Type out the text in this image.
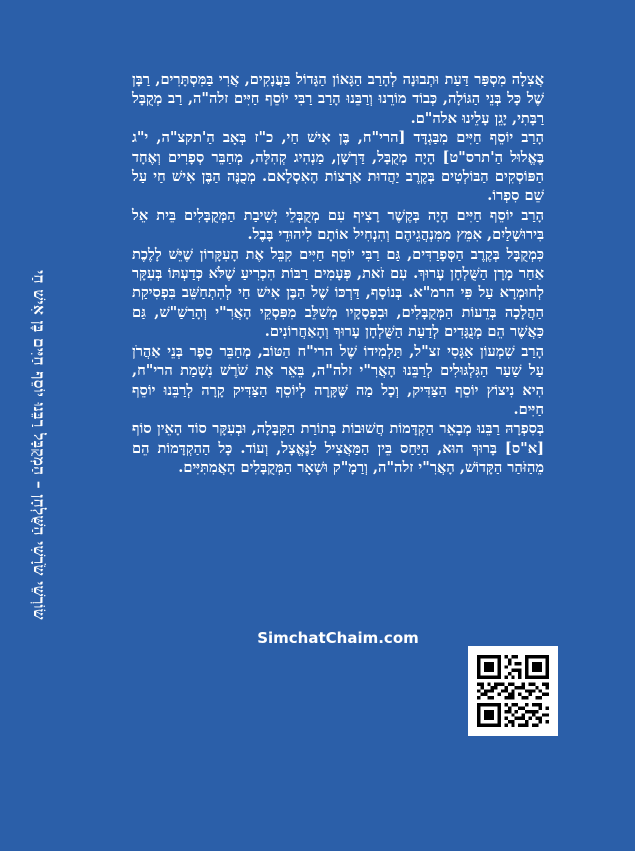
שׂוֹרְשֵׁי שֹׂרָשִׁי הַשֻּׁלְחָן – הַמְקֻבָּל רַבֵּנוּ יוֹסֵף חַיִּים בֶּן אִישׁ חַי

אֲצִלָה מִסְפַּר דַּעַת וּתְבוּנָה לְהָרַב הַגָּאוֹן הַגָּדוֹל בַּעֲנָקִים, אֲרִי בַּמִּסְתָּרִים, רַבָּן שֶׁל כָּל בְּנֵי הַגּוֹלָה, כְּבוֹד מוֹרֵנוּ וְרַבֵּנוּ הָרַב רַבִּי יוֹסֵף חַיִּים זלה"ה, רַב מְקֻבָּל רַבָּתִי, יָגֵן עָלֵינוּ אלה"ם.

הָרַב יוֹסֵף חַיִּים מִבַּגְדָּד [הרי"ח, בֶּן אִישׁ חַי, כ"ז בְּאָב הַ'תקצ"ה, י"ג בֶּאֱלוּל הַ'תרס"ט] הָיָה מְקֻבָּל, דַּרְשָׁן, מַנְהִיג קְהִלָּה, מְחַבֵּר סְפָרִים וְאֶחָד הַפּוֹסְקִים הַבּוֹלְטִים בְּקֶרֶב יַהֲדוּת אַרְצוֹת הָאִסְלָאם. מְכֻנֶּה הַבֶּן אִישׁ חַי עַל שֵׁם סִפְרוֹ.

הָרַב יוֹסֵף חַיִּים הָיָה בְּקֶשֶׁר רָצִיף עִם מְקֻבְּלֵי יְשִׁיבַת הַמְּקֻבָּלִים בֵּית אֵל בִּירוּשָׁלַיִם, אִמֵּץ מִמִּנְהֲגֵיהֶם וְהִנְחִיל אוֹתָם לִיהוּדֵי בָּבֶל.

כִּמְקֻבָּל בְּקֶרֶב הַסְּפָרַדִּים, גַּם רַבִּי יוֹסֵף חַיִּים קִבֵּל אֶת הָעִקָּרוֹן שֶׁיֵּשׁ לָלֶכֶת אַחַר מָרָן הַשֻּׁלְחָן עָרוּךְ. עִם זֹאת, פְּעָמִים רַבּוֹת הִכְרִיעַ שֶׁלֹּא כְּדַעְתּוֹ בְּעִקָּר לְחוּמְרָא עַל פִּי הרמ"א. בְּנוֹסָף, דַּרְכּוֹ שֶׁל הַבֶּן אִישׁ חַי לְהִתְחַשֵּׁב בִּפְסִיקַת הַהֲלָכָה בְּדֵעוֹת הַמְּקֻבָּלִים, וּבִפְסָקָיו מְשַׁלֵּב מִפִּסְקֵי הָאֲרִ"י וְהָרַשַׁ"שׁ, גַּם כַּאֲשֶׁר הֵם מְנֻגָּדִים לְדַעַת הַשֻּׁלְחָן עָרוּךְ וְהָאַחֲרוֹנִים.

הָרַב שִׁמְעוֹן אַגָּסִי זצ"ל, תַּלְמִידוֹ שֶׁל הרי"ח הַטּוֹב, מְחַבֵּר סֵפֶר בְּנֵי אַהֲרֹן עַל שַׁעַר הַגִּלְגּוּלִים לְרַבֵּנוּ הָאֲרִ"י זלה"ה, בֵּאֵר אֶת שֹׁרֶשׁ נִשְׁמַת הרי"ח, הִיא נִיצוֹץ יוֹסֵף הַצַּדִּיק, וְכָל מַה שֶּׁקָּרָה לְיוֹסֵף הַצַּדִּיק קָרָה לְרַבֵּנוּ יוֹסֵף חַיִּים.

בְּסִפְרָהּ רַבֵּנוּ מְבָאֵר הַקְדָּמוֹת חֲשׁוּבוֹת בְּתוֹרַת הַקַּבָּלָה, וּבְעִקָּר סוֹד הָאֵין סוֹף [א"ס] בָּרוּךְ הוּא, הַיַּחַס בֵּין הַמַּאֲצִיל לַנֶּאֱצָל, וְעוֹד. כָּל הַהַקְדָּמוֹת הֵם מֵהַזֹּהַר הַקָּדוֹשׁ, הָאֲרִ"י זלה"ה, וְרַמָ"ק וּשְׁאָר הַמְּקֻבָּלִים הָאֲמִתִּיִּים.

SimchatChaim.com
